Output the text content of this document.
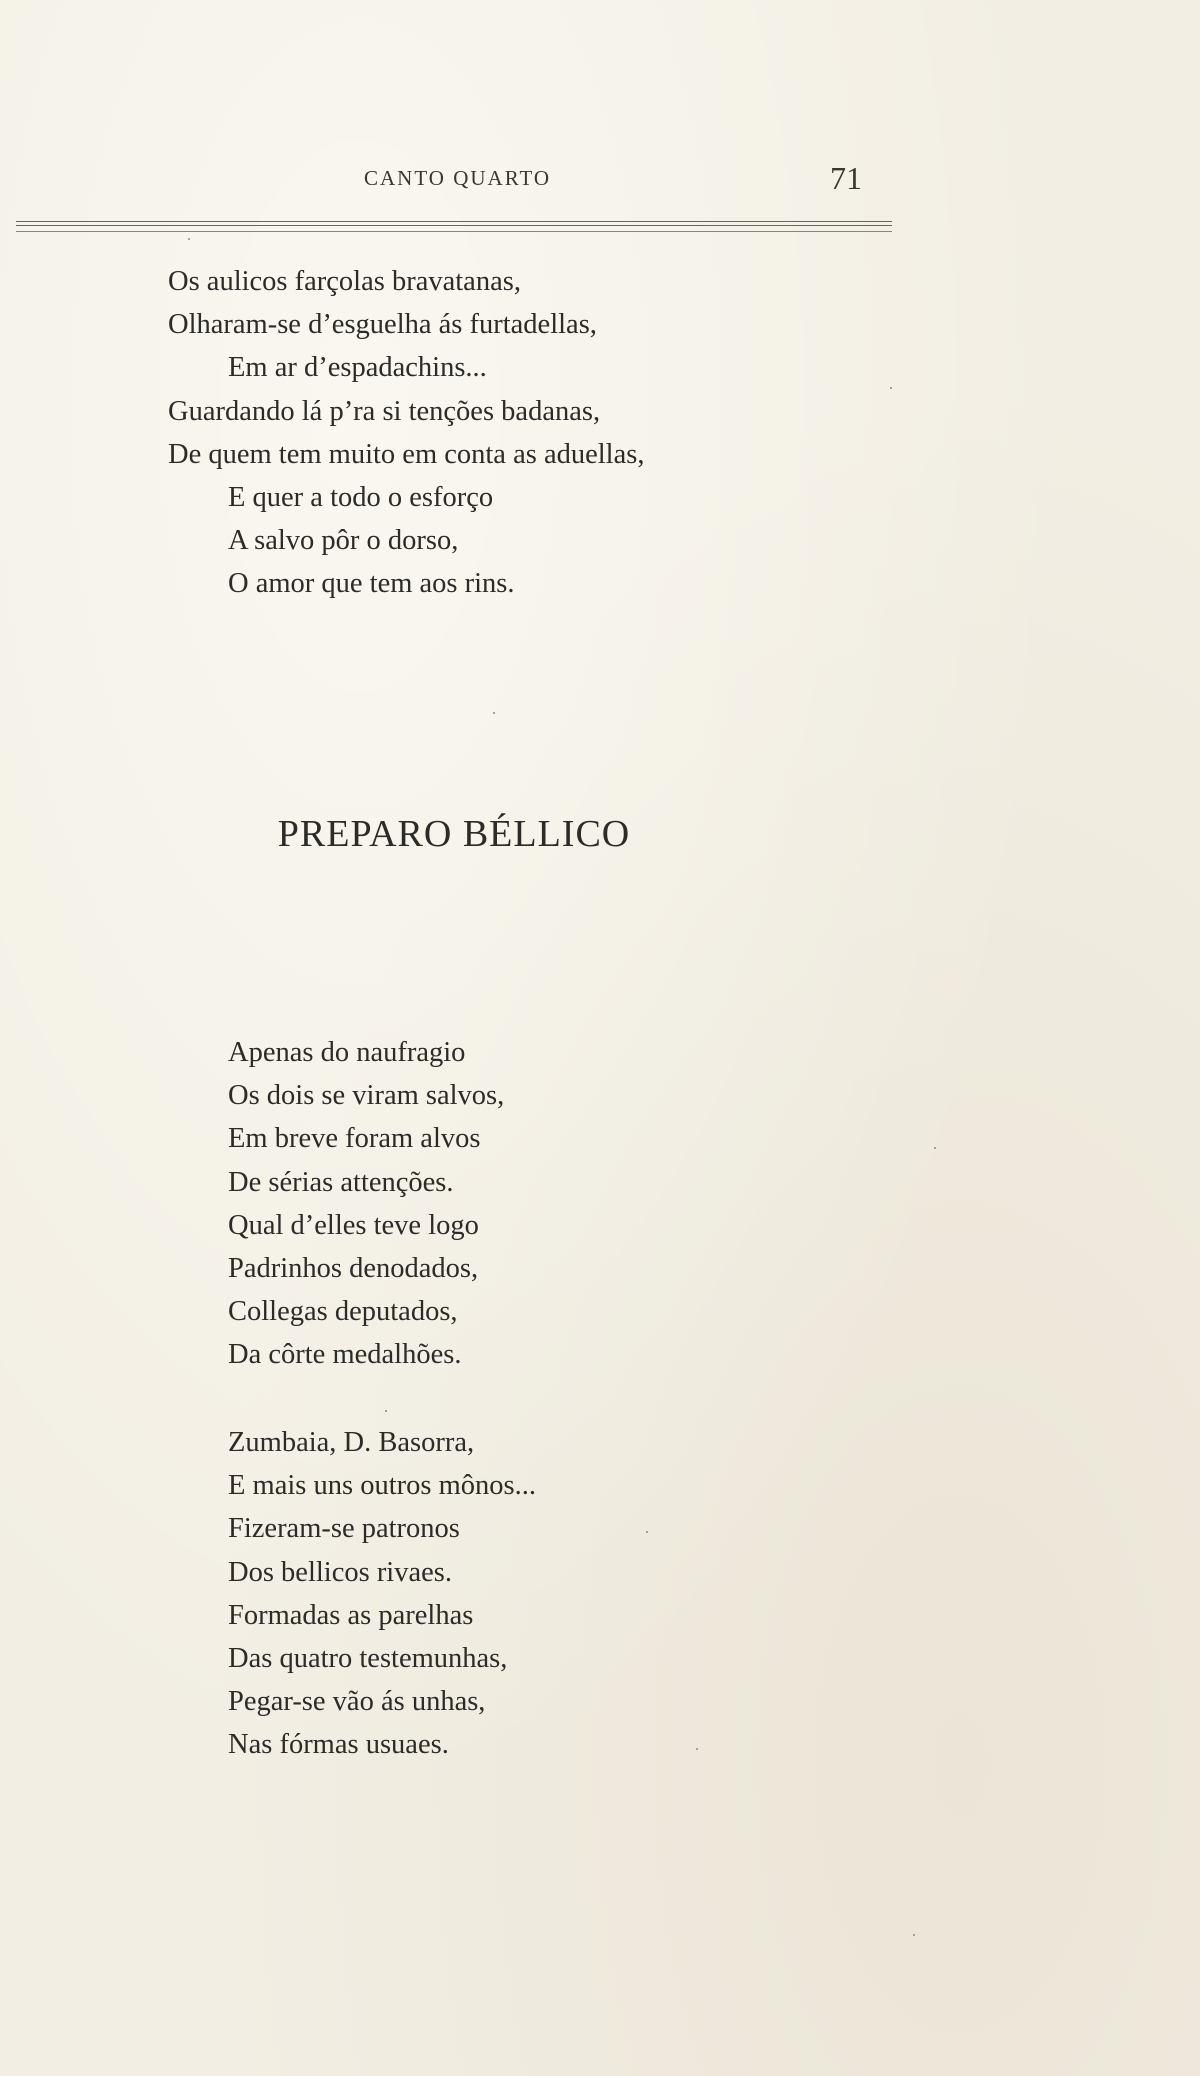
CANTO QUARTO	71
Os aulicos farçolas bravatanas,
Olharam-se d’esguelha ás furtadellas,
Em ar d’espadachins...
Guardando lá p’ra si tenções badanas,
De quem tem muito em conta as aduellas,
E quer a todo o esforço
A salvo pôr o dorso,
O amor que tem aos rins.
PREPARO BÉLLICO
Apenas do naufragio
Os dois se viram salvos,
Em breve foram alvos
De sérias attenções.
Qual d’elles teve logo
Padrinhos denodados,
Collegas deputados,
Da côrte medalhões.
Zumbaia, D. Basorra,
E mais uns outros mônos...
Fizeram-se patronos
Dos bellicos rivaes.
Formadas as parelhas
Das quatro testemunhas,
Pegar-se vão ás unhas,
Nas fórmas usuaes.
